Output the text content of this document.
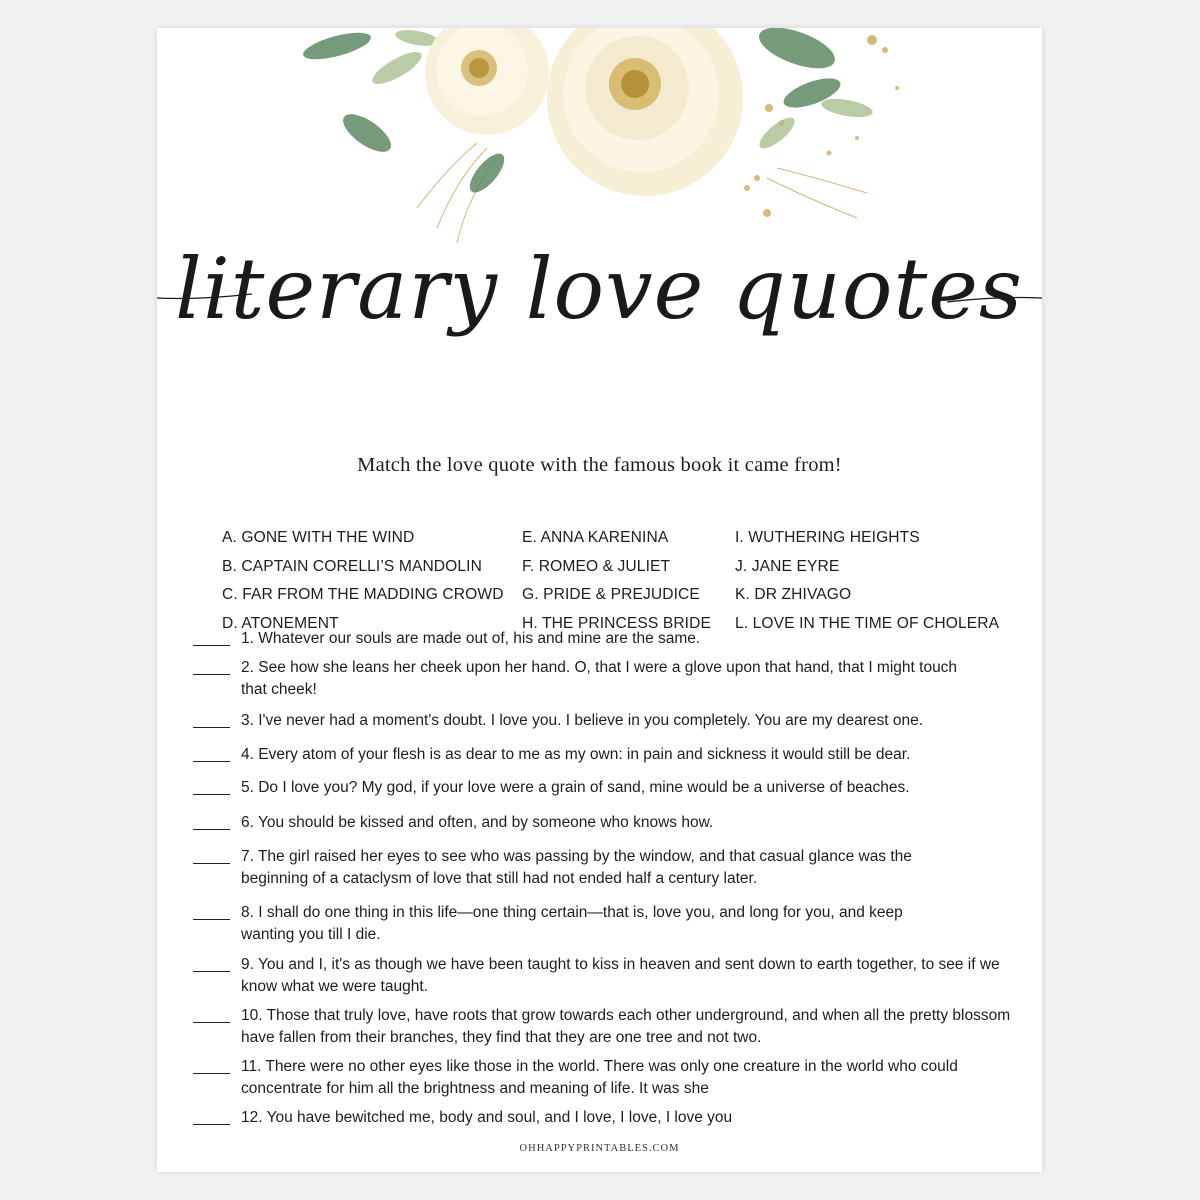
literary love quotes
Match the love quote with the famous book it came from!
A. GONE WITH THE WIND
B. CAPTAIN CORELLI’S MANDOLIN
C. FAR FROM THE MADDING CROWD
D. ATONEMENT
E. ANNA KARENINA
F. ROMEO & JULIET
G. PRIDE & PREJUDICE
H. THE PRINCESS BRIDE
I. WUTHERING HEIGHTS
J. JANE EYRE
K. DR ZHIVAGO
L. LOVE IN THE TIME OF CHOLERA
1. Whatever our souls are made out of, his and mine are the same.
2. See how she leans her cheek upon her hand. O, that I were a glove upon that hand, that I might touch that cheek!
3. I've never had a moment's doubt. I love you. I believe in you completely. You are my dearest one.
4. Every atom of your flesh is as dear to me as my own: in pain and sickness it would still be dear.
5. Do I love you? My god, if your love were a grain of sand, mine would be a universe of beaches.
6. You should be kissed and often, and by someone who knows how.
7. The girl raised her eyes to see who was passing by the window, and that casual glance was the beginning of a cataclysm of love that still had not ended half a century later.
8. I shall do one thing in this life—one thing certain—that is, love you, and long for you, and keep wanting you till I die.
9. You and I, it's as though we have been taught to kiss in heaven and sent down to earth together, to see if we know what we were taught.
10. Those that truly love, have roots that grow towards each other underground, and when all the pretty blossom have fallen from their branches, they find that they are one tree and not two.
11. There were no other eyes like those in the world. There was only one creature in the world who could concentrate for him all the brightness and meaning of life. It was she
12. You have bewitched me, body and soul, and I love, I love, I love you
OHHAPPYPRINTABLES.COM
